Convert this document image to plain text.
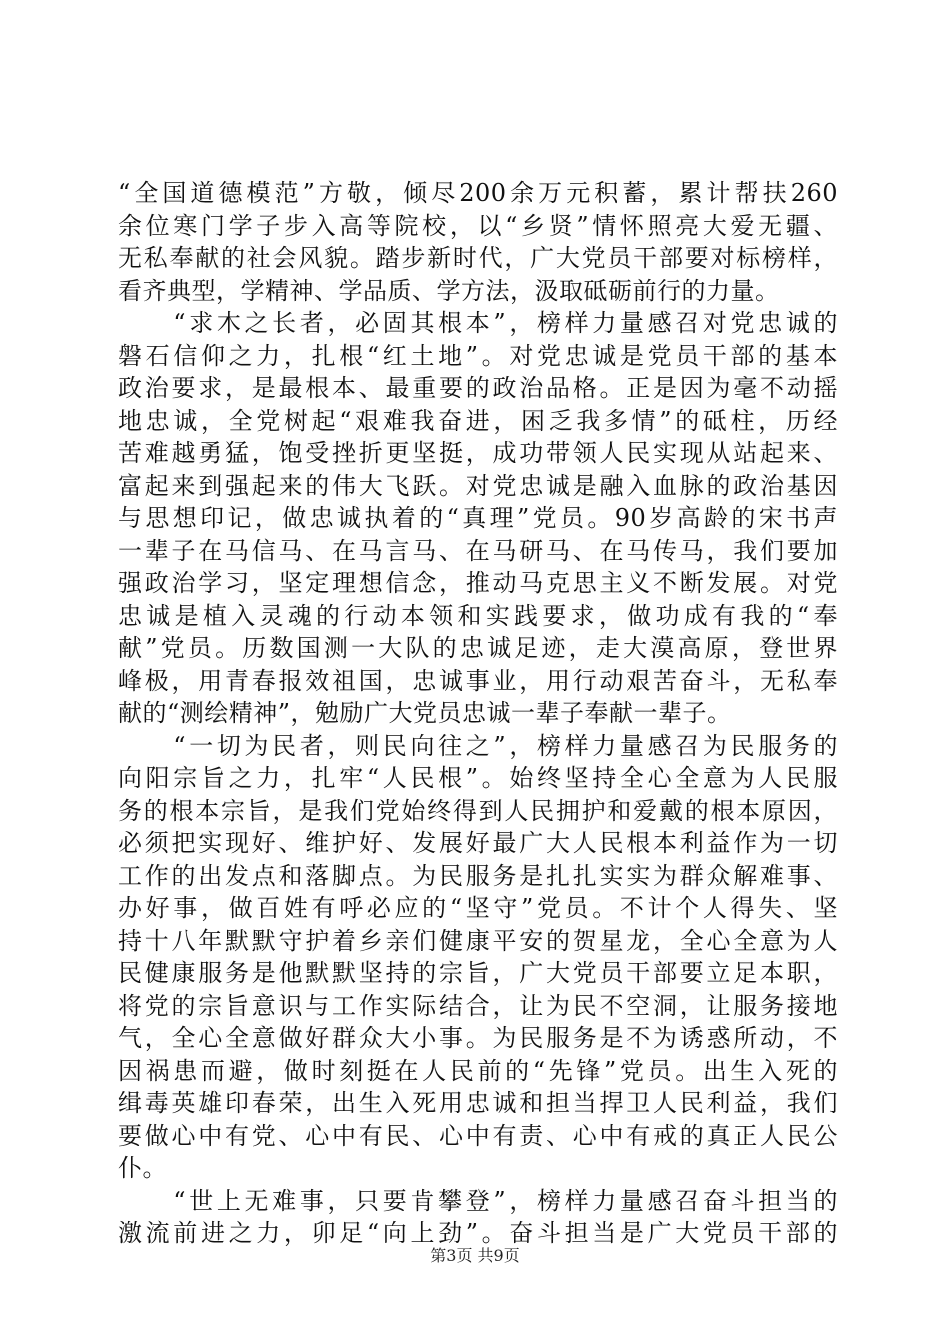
“全国道德模范”方敬，倾尽200余万元积蓄，累计帮扶260
余位寒门学子步入高等院校，以“乡贤”情怀照亮大爱无疆、
无私奉献的社会风貌。踏步新时代，广大党员干部要对标榜样，
看齐典型，学精神、学品质、学方法，汲取砥砺前行的力量。
　　“求木之长者，必固其根本”，榜样力量感召对党忠诚的
磐石信仰之力，扎根“红土地”。对党忠诚是党员干部的基本
政治要求，是最根本、最重要的政治品格。正是因为毫不动摇
地忠诚，全党树起“艰难我奋进，困乏我多情”的砥柱，历经
苦难越勇猛，饱受挫折更坚挺，成功带领人民实现从站起来、
富起来到强起来的伟大飞跃。对党忠诚是融入血脉的政治基因
与思想印记，做忠诚执着的“真理”党员。90岁高龄的宋书声
一辈子在马信马、在马言马、在马研马、在马传马，我们要加
强政治学习，坚定理想信念，推动马克思主义不断发展。对党
忠诚是植入灵魂的行动本领和实践要求，做功成有我的“奉
献”党员。历数国测一大队的忠诚足迹，走大漠高原，登世界
峰极，用青春报效祖国，忠诚事业，用行动艰苦奋斗，无私奉
献的“测绘精神”，勉励广大党员忠诚一辈子奉献一辈子。
　　“一切为民者，则民向往之”，榜样力量感召为民服务的
向阳宗旨之力，扎牢“人民根”。始终坚持全心全意为人民服
务的根本宗旨，是我们党始终得到人民拥护和爱戴的根本原因，
必须把实现好、维护好、发展好最广大人民根本利益作为一切
工作的出发点和落脚点。为民服务是扎扎实实为群众解难事、
办好事，做百姓有呼必应的“坚守”党员。不计个人得失、坚
持十八年默默守护着乡亲们健康平安的贺星龙，全心全意为人
民健康服务是他默默坚持的宗旨，广大党员干部要立足本职，
将党的宗旨意识与工作实际结合，让为民不空洞，让服务接地
气，全心全意做好群众大小事。为民服务是不为诱惑所动，不
因祸患而避，做时刻挺在人民前的“先锋”党员。出生入死的
缉毒英雄印春荣，出生入死用忠诚和担当捍卫人民利益，我们
要做心中有党、心中有民、心中有责、心中有戒的真正人民公
仆。
　　“世上无难事，只要肯攀登”，榜样力量感召奋斗担当的
激流前进之力，卯足“向上劲”。奋斗担当是广大党员干部的
第3页 共9页
